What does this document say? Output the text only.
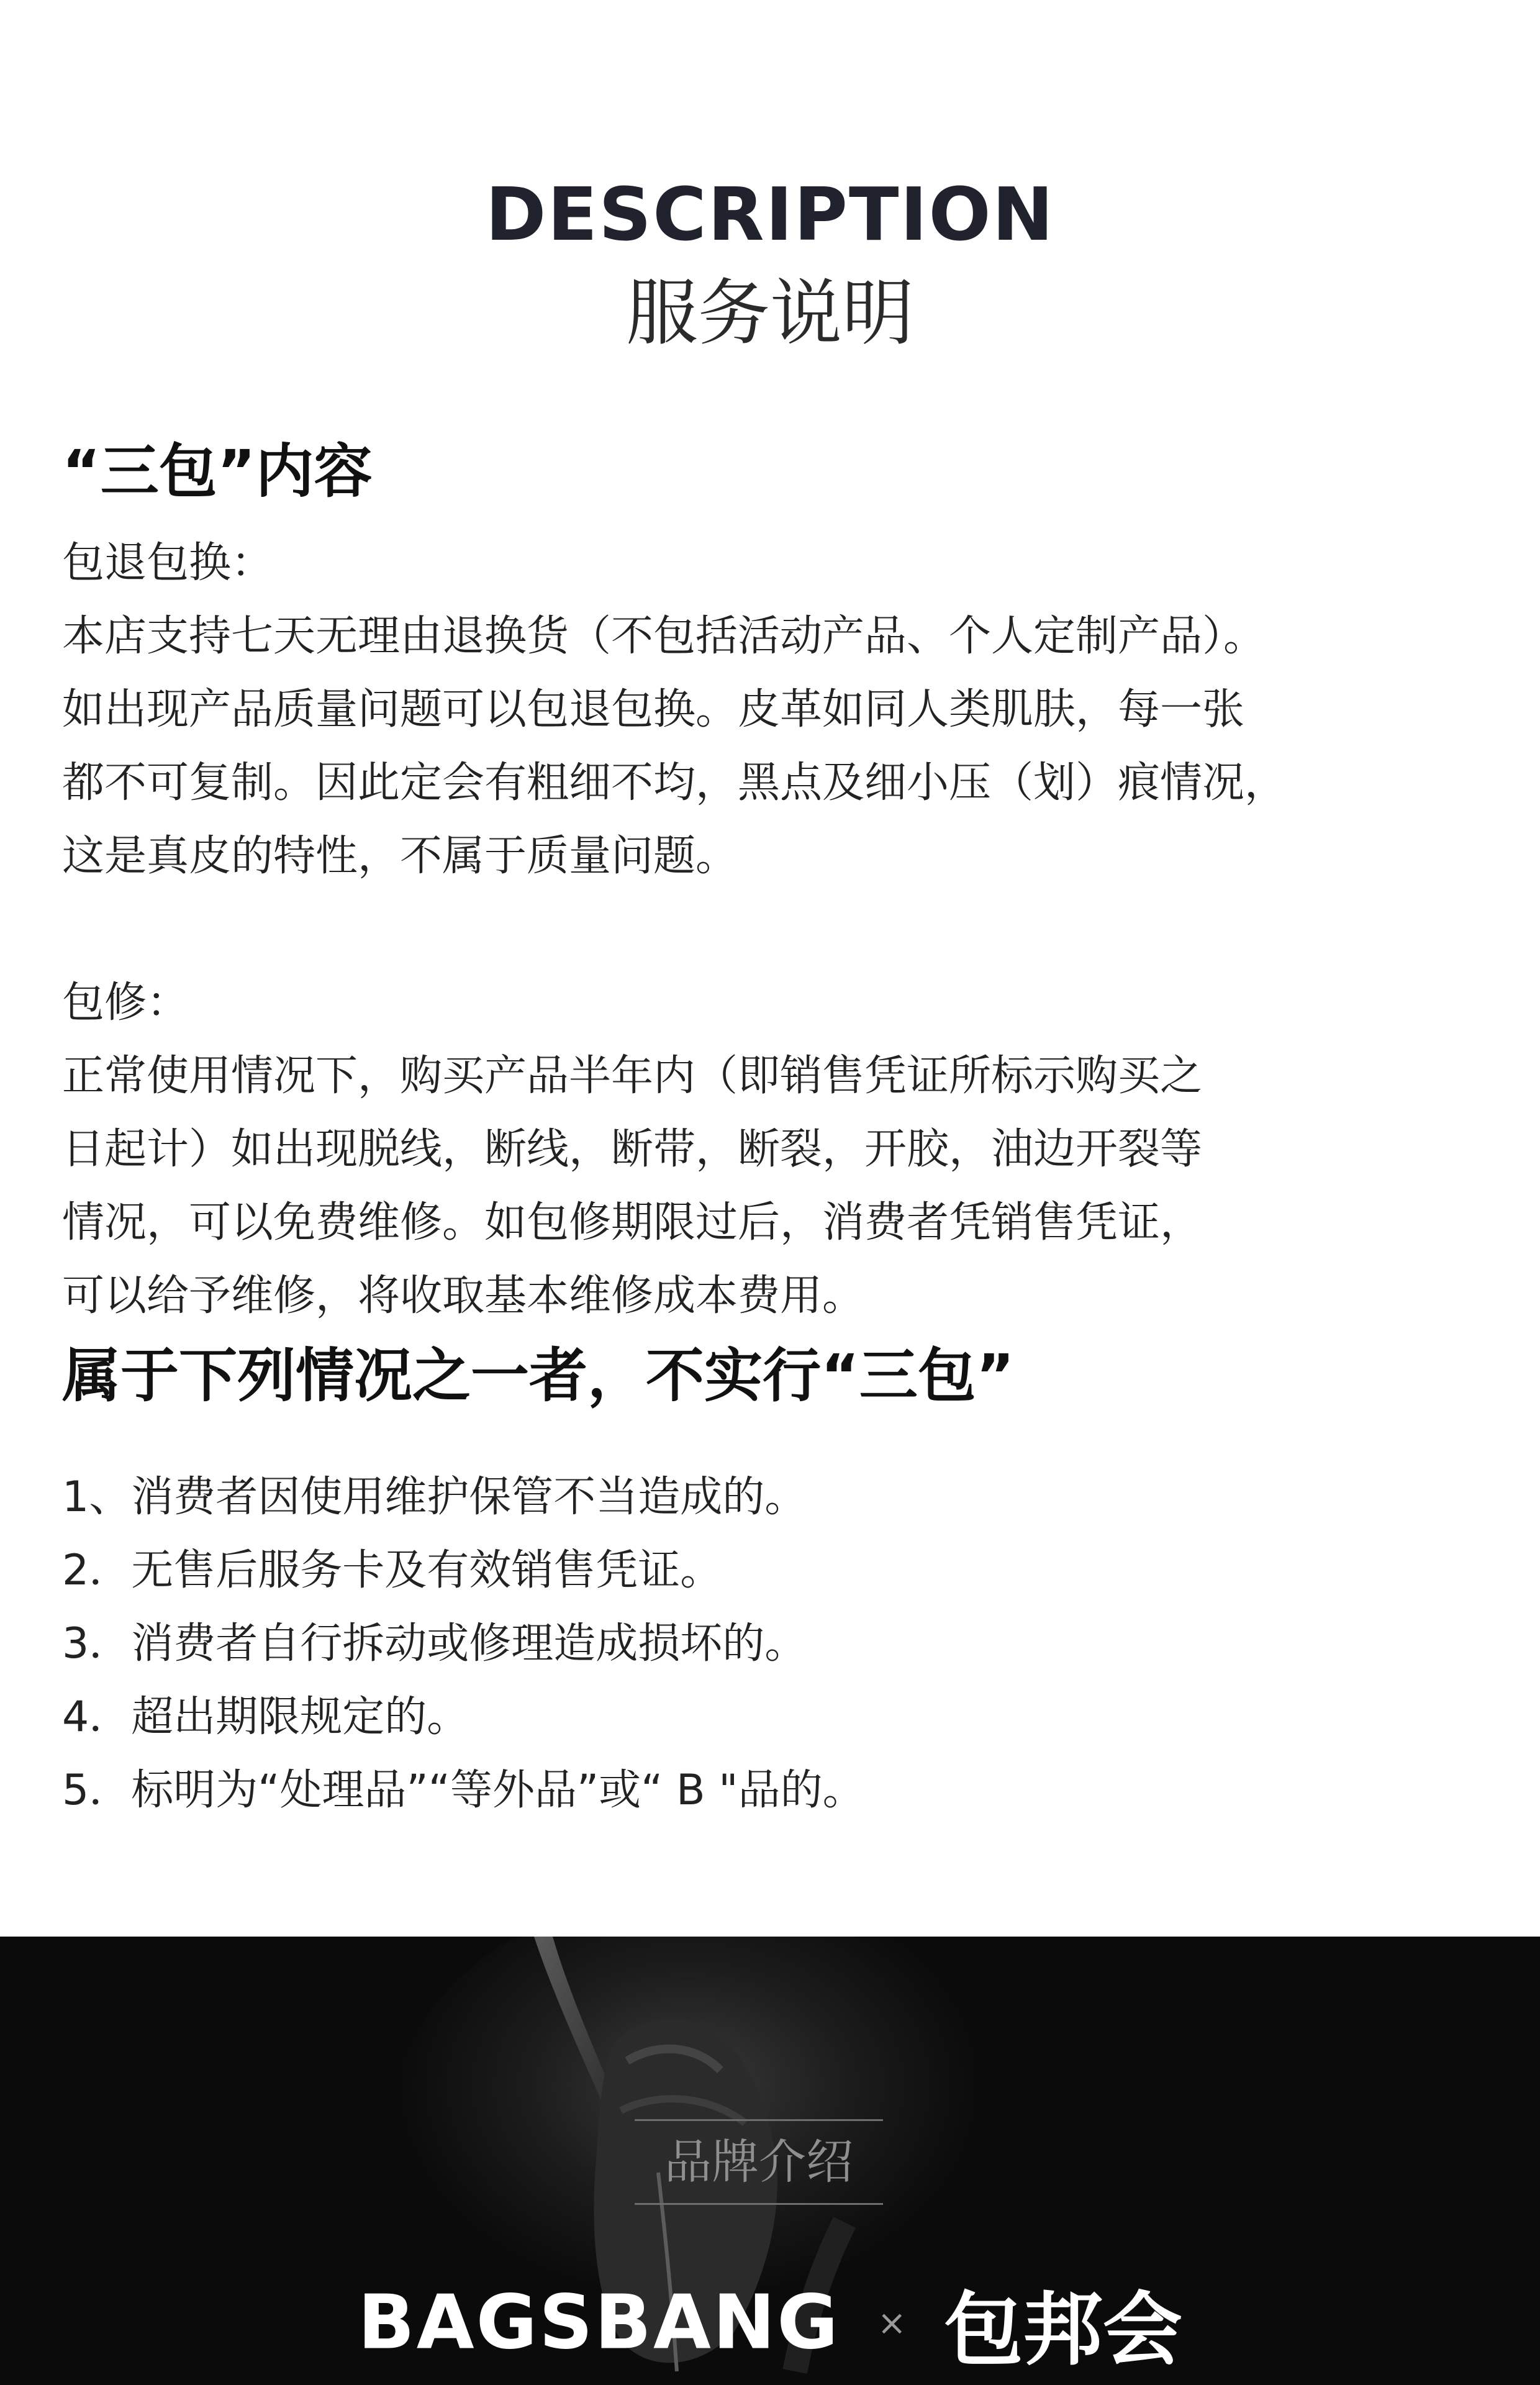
DESCRIPTION
服务说明
“三包”内容
包退包换：
本店支持七天无理由退换货（不包括活动产品、个人定制产品）。
如出现产品质量问题可以包退包换。皮革如同人类肌肤，每一张
都不可复制。因此定会有粗细不均，黑点及细小压（划）痕情况，
这是真皮的特性，不属于质量问题。
包修：
正常使用情况下，购买产品半年内（即销售凭证所标示购买之
日起计）如出现脱线，断线，断带，断裂，开胶，油边开裂等
情况，可以免费维修。如包修期限过后，消费者凭销售凭证，
可以给予维修，将收取基本维修成本费用。
属于下列情况之一者，不实行“三包”
1、消费者因使用维护保管不当造成的。
2．无售后服务卡及有效销售凭证。
3．消费者自行拆动或修理造成损坏的。
4．超出期限规定的。
5．标明为“处理品”“等外品”或“ B "品的。
品牌介绍
BAGSBANG × 包邦会
